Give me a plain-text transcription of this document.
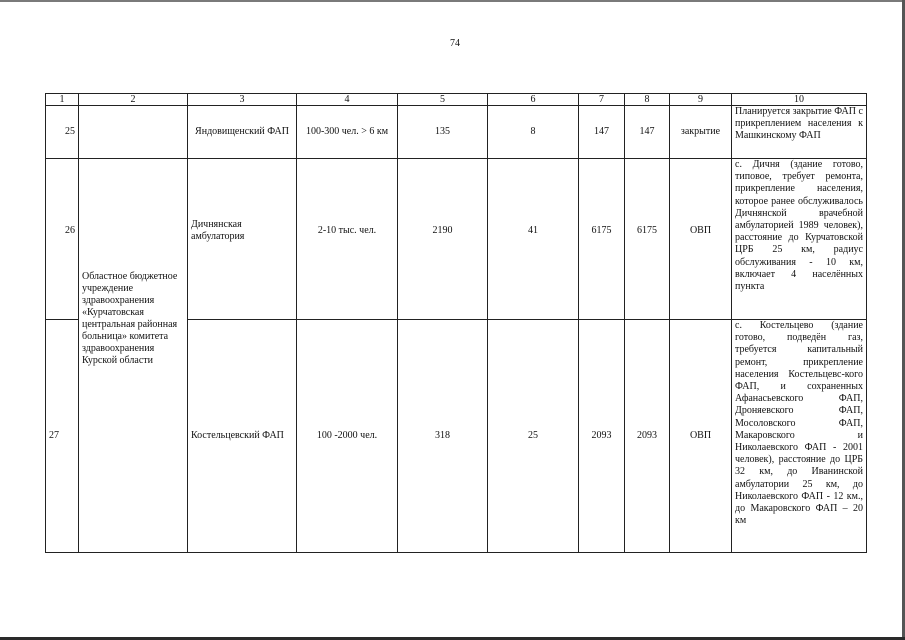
74
1	2	3	4	5	6	7	8	9	10
25		Яндовищенский ФАП	100-300 чел. > 6 км	135	8	147	147	закрытие	Планируется закрытие ФАП с прикреплением населения к Машкинскому ФАП
26	Областное бюджетное учреждение здравоохранения «Курчатовская центральная районная больница» комитета здравоохранения Курской области	Дичнянская амбулатория	2-10 тыс. чел.	2190	41	6175	6175	ОВП	с. Дичня (здание готово, типовое, требует ремонта, прикрепление населения, которое ранее обслуживалось Дичнянской врачебной амбулаторией 1989 человек), расстояние до Курчатовской ЦРБ 25 км, радиус обслуживания - 10 км, включает 4 населённых пункта
27		Костельцевский ФАП	100 -2000 чел.	318	25	2093	2093	ОВП	с. Костельцево (здание готово, подведён газ, требуется капитальный ремонт, прикрепление населения Костельцевс-кого ФАП, и сохраненных Афанасьевского ФАП, Дроняевского ФАП, Мосоловского ФАП, Макаровского и Николаевского ФАП - 2001 человек), расстояние до ЦРБ 32 км, до Иванинской амбулатории 25 км, до Николаевского ФАП - 12 км., до Макаровского ФАП – 20 км
